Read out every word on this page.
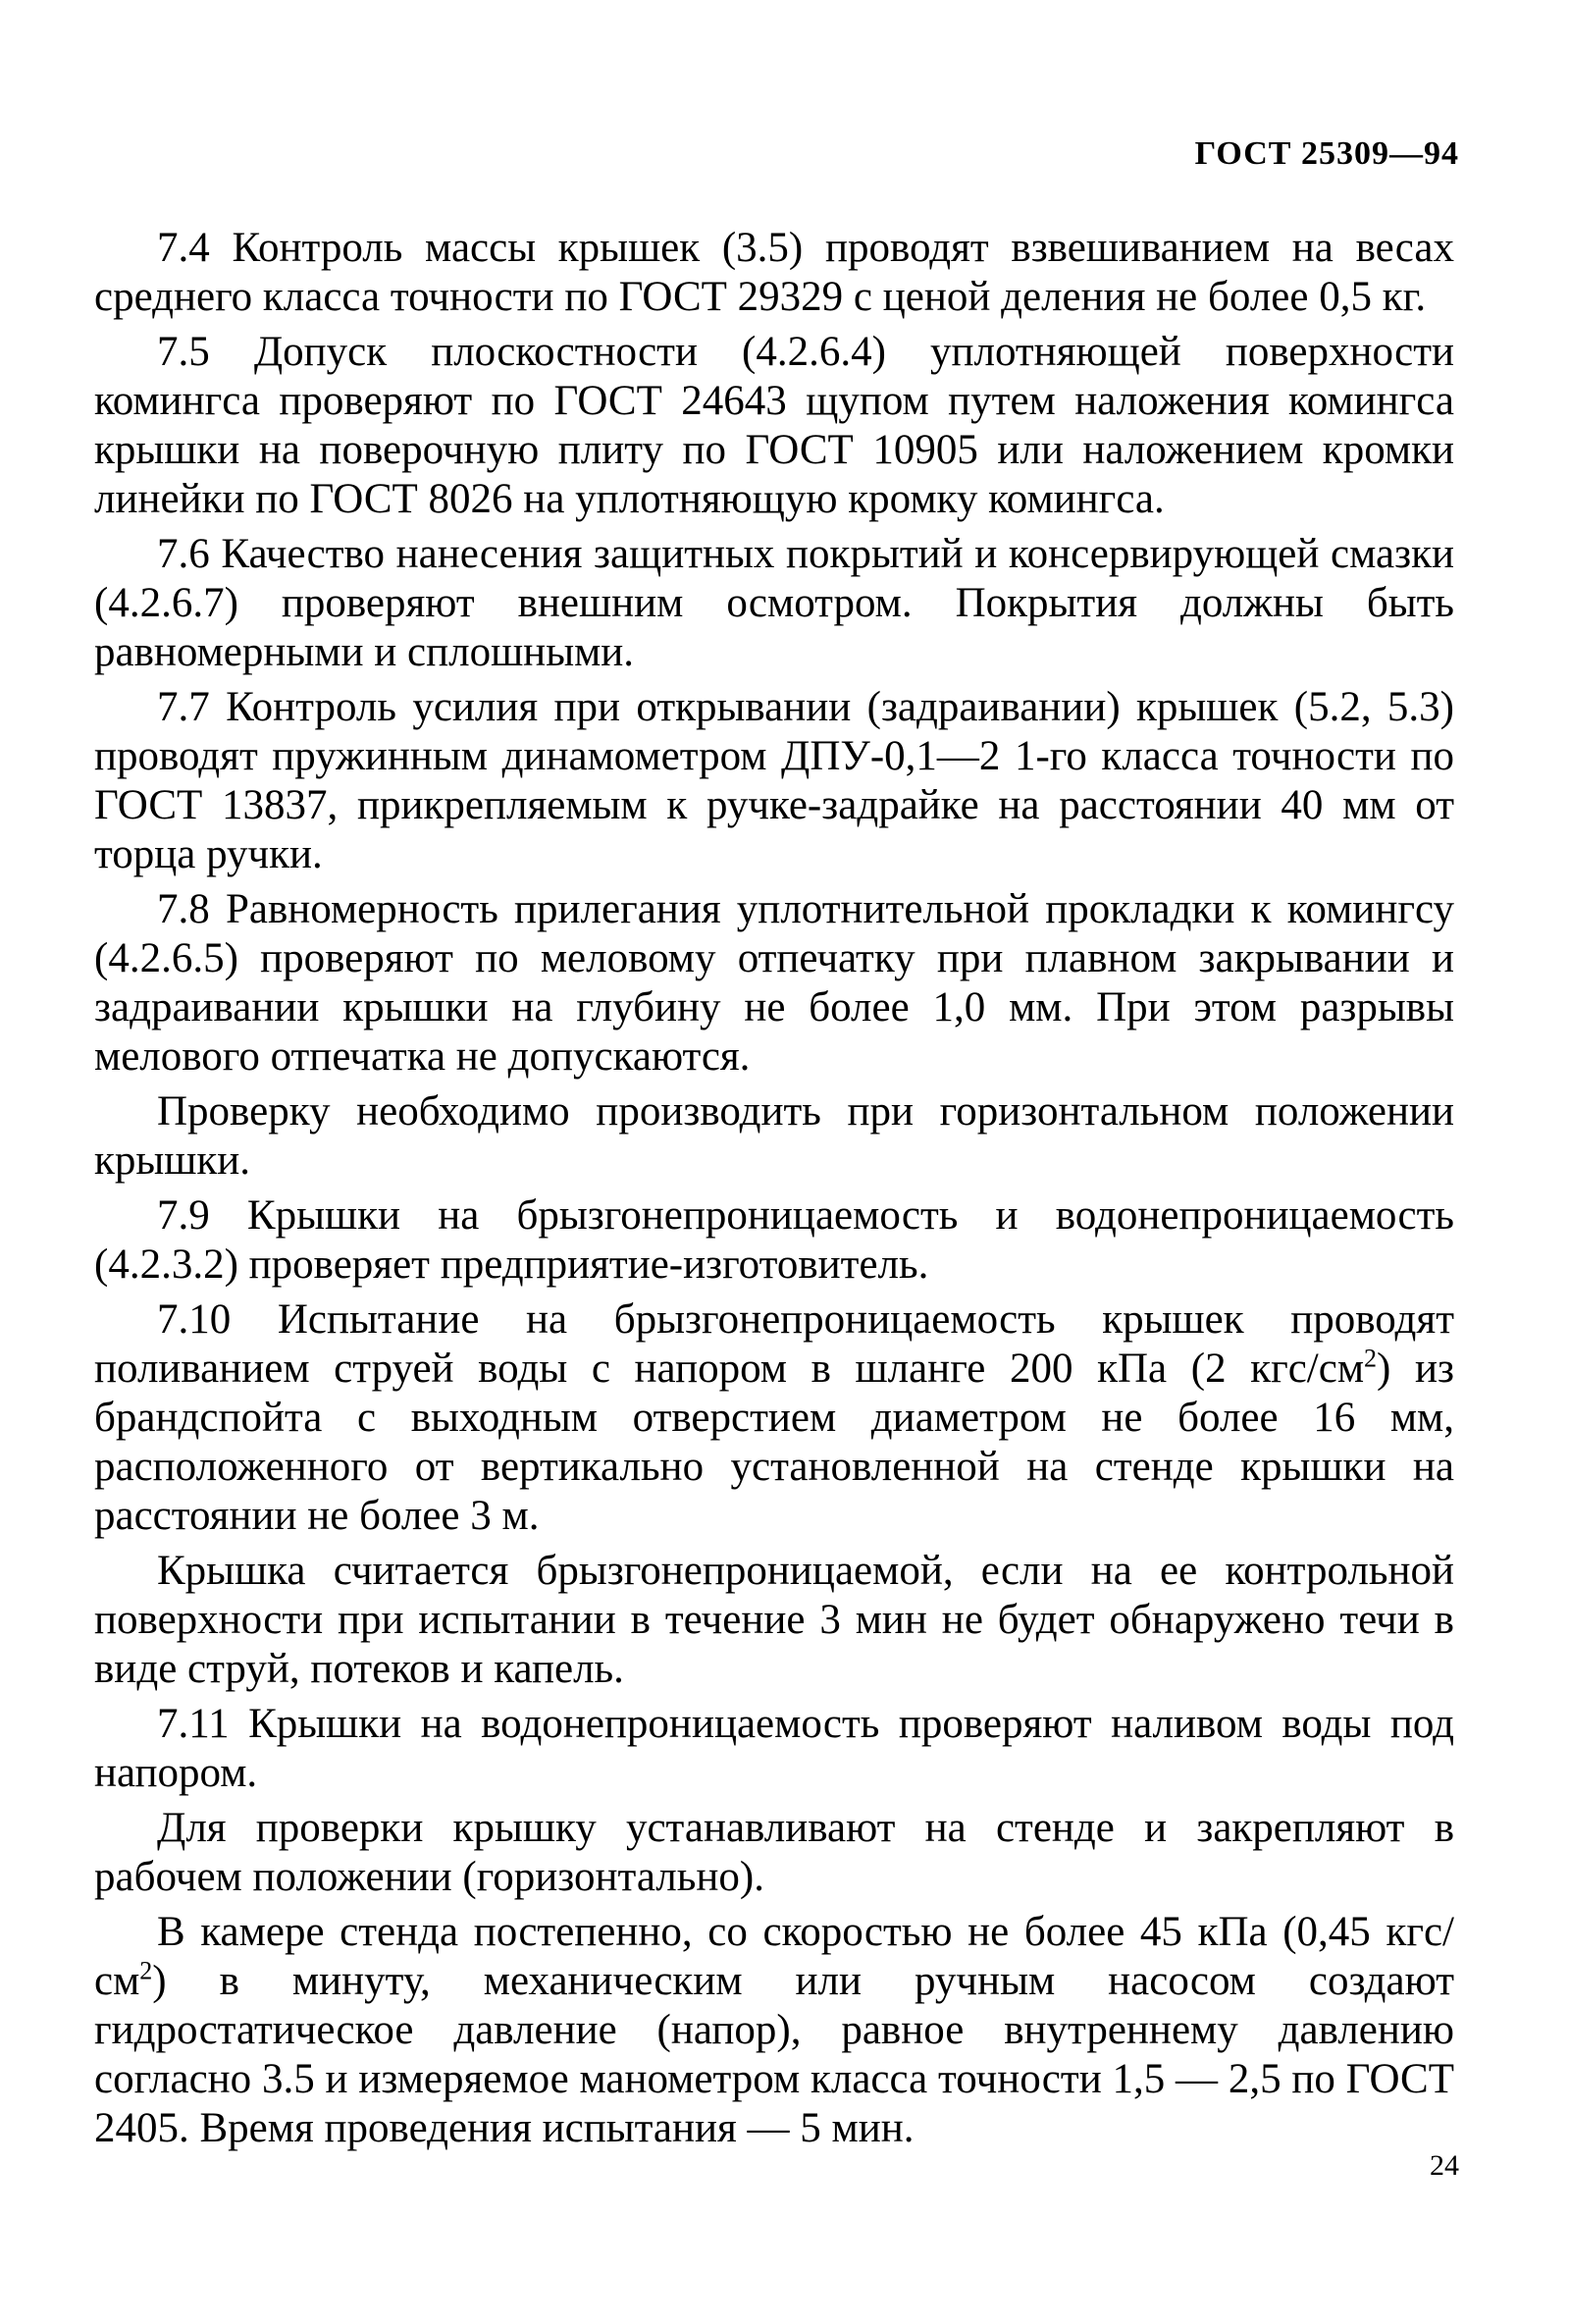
ГОСТ 25309—94

7.4 Контроль массы крышек (3.5) проводят взвешиванием на весах среднего класса точности по ГОСТ 29329 с ценой деления не более 0,5 кг.

7.5 Допуск плоскостности (4.2.6.4) уплотняющей поверхности комингса проверяют по ГОСТ 24643 щупом путем наложения комингса крышки на поверочную плиту по ГОСТ 10905 или наложением кромки линейки по ГОСТ 8026 на уплотняющую кромку комингса.

7.6 Качество нанесения защитных покрытий и консервирующей смазки (4.2.6.7) проверяют внешним осмотром. Покрытия должны быть равномерными и сплошными.

7.7 Контроль усилия при открывании (задраивании) крышек (5.2, 5.3) проводят пружинным динамометром ДПУ-0,1—2 1-го класса точности по ГОСТ 13837, прикрепляемым к ручке-задрайке на расстоянии 40 мм от торца ручки.

7.8 Равномерность прилегания уплотнительной прокладки к комингсу (4.2.6.5) проверяют по меловому отпечатку при плавном закрывании и задраивании крышки на глубину не более 1,0 мм. При этом разрывы мелового отпечатка не допускаются.

Проверку необходимо производить при горизонтальном положении крышки.

7.9 Крышки на брызгонепроницаемость и водонепроницаемость (4.2.3.2) проверяет предприятие-изготовитель.

7.10 Испытание на брызгонепроницаемость крышек проводят поливанием струей воды с напором в шланге 200 кПа (2 кгс/$см^2$) из брандспойта с выходным отверстием диаметром не более 16 мм, расположенного от вертикально установленной на стенде крышки на расстоянии не более 3 м.

Крышка считается брызгонепроницаемой, если на ее контрольной поверхности при испытании в течение 3 мин не будет обнаружено течи в виде струй, потеков и капель.

7.11 Крышки на водонепроницаемость проверяют наливом воды под напором.

Для проверки крышку устанавливают на стенде и закрепляют в рабочем положении (горизонтально).

В камере стенда постепенно, со скоростью не более 45 кПа (0,45 кгс/$см^2$) в минуту, механическим или ручным насосом создают гидростатическое давление (напор), равное внутреннему давлению согласно 3.5 и измеряемое манометром класса точности 1,5 — 2,5 по ГОСТ 2405. Время проведения испытания — 5 мин.

24
